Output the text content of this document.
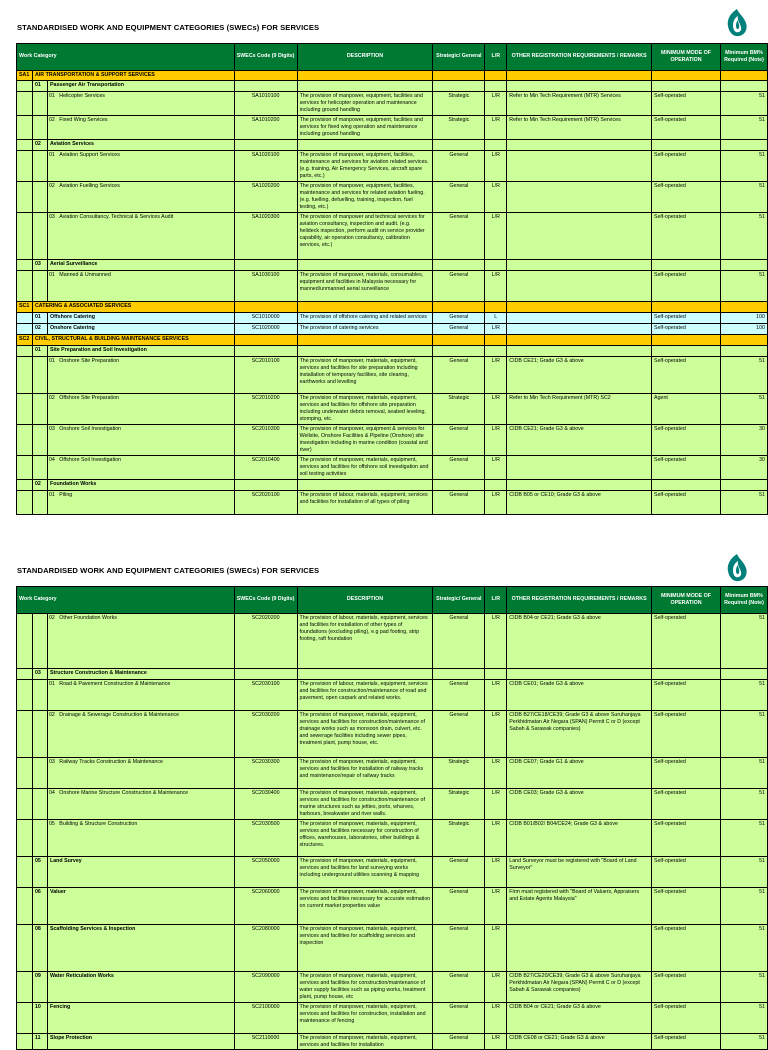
STANDARDISED WORK AND EQUIPMENT CATEGORIES (SWECs) FOR SERVICES
Work Category			SWECs Code (9 Digits)	DESCRIPTION	Strategic/ General	L/R	OTHER REGISTRATION REQUIREMENTS / REMARKS	MINIMUM MODE OF OPERATION	Minimum BM% Required (Note)
SA1	AIR TRANSPORTATION & SUPPORT SERVICES								
	01	Passenger Air Transportation							
		01 Helicopter Services	SA1010100	The provision of manpower, equipment, facilities and services for helicopter operation and maintenance including ground handling	Strategic	L/R	Refer to Min Tech Requirement (MTR) Services	Self-operated	51
		02 Fixed Wing Services	SA1010200	The provision of manpower, equipment, facilities and services for fixed wing operation and maintenance including ground handling	Strategic	L/R	Refer to Min Tech Requirement (MTR) Services	Self-operated	51
	02	Aviation Services							
		01 Aviation Support Services	SA1020100	The provision of manpower, equipment, facilities, maintenance and services for aviation related services. (e.g. training, Air Emergency Services, aircraft spare parts, etc.)	General	L/R		Self-operated	51
		02 Aviation Fuelling Services	SA1020200	The provision of manpower, equipment, facilities, maintenance and services for related aviation fueling. (e.g. fuelling, defuelling, training, inspection, fuel testing, etc.)	General	L/R		Self-operated	51
		03 Aviation Consultancy, Technical & Services Audit	SA1020300	The provision of manpower and technical services for aviation consultancy, inspection and audit. (e.g. helideck inspection, perform audit on service provider capability, air operation consultancy, calibration services, etc.)	General	L/R		Self-operated	51
	03	Aerial Surveillance							
		01 Manned & Unmanned	SA1030100	The provision of manpower, materials, consumables, equipment and facilities in Malaysia necessary for manned/unmanned aerial surveillance	General	L/R		Self-operated	51
SC1	CATERING & ASSOCIATED SERVICES								
	01	Offshore Catering	SC1010000	The provision of offshore catering and related services	General	L		Self-operated	100
	02	Onshore Catering	SC1020000	The provision of catering services	General	L/R		Self-operated	100
SC2	CIVIL, STRUCTURAL & BUILDING MAINTENANCE SERVICES								
	01	Site Preparation and Soil Investigation							
		01 Onshore Site Preparation	SC2010100	The provision of manpower, materials, equipment, services and facilities for site preparation including installation of temporary facilities, site clearing, earthworks and levelling	General	L/R	CIDB CE21; Grade G3 & above	Self-operated	51
		02 Offshore Site Preparation	SC2010200	The provision of manpower, materials, equipment, services and facilities for offshore site preparation including underwater debris removal, seabed leveling, stomping, etc.	Strategic	L/R	Refer to Min Tech Requirement (MTR) SC2	Agent	51
		03 Onshore Soil Investigation	SC2010300	The provision of manpower, equipment & services for Wellsite, Onshore Facilities & Pipeline (Onshore) site investigation including in marine condition (coastal and river)	General	L/R	CIDB CE21; Grade G3 & above	Self-operated	30
		04 Offshore Soil Investigation	SC2010400	The provision of manpower, materials, equipment, services and facilities for offshore soil investigation and soil testing activities	General	L/R		Self-operated	30
	02	Foundation Works							
		01 Piling	SC2020100	The provision of labour, materials, equipment, services and facilities for installation of all types of piling	General	L/R	CIDB B05 or CE10; Grade G3 & above	Self-operated	51
STANDARDISED WORK AND EQUIPMENT CATEGORIES (SWECs) FOR SERVICES
Work Category			SWECs Code (9 Digits)	DESCRIPTION	Strategic/ General	L/R	OTHER REGISTRATION REQUIREMENTS / REMARKS	MINIMUM MODE OF OPERATION	Minimum BM% Required (Note)
		02 Other Foundation Works	SC2020200	The provision of labour, materials, equipment, services and facilities for installation of other types of foundations (excluding piling), e.g pad footing, strip footing, raft foundation	General	L/R	CIDB B04 or CE21; Grade G3 & above	Self-operated	51
	03	Structure Construction & Maintenance							
		01 Road & Pavement Construction & Maintenance	SC2030100	The provision of labour, materials, equipment, services and facilities for construction/maintenance of road and pavement, open carpark and related works.	General	L/R	CIDB CE01; Grade G3 & above	Self-operated	51
		02 Drainage & Sewerage Construction & Maintenance	SC2030200	The provision of manpower, materials, equipment, services and facilities for construction/maintenance of drainage works such as monsoon drain, culvert, etc. and sewerage facilities including sewer pipes, treatment plant, pump house, etc.	General	L/R	CIDB B27/CE18/CE39; Grade G3 & above Suruhanjaya Perkhidmatan Air Negara (SPAN) Permit C or D (except Sabah & Sarawak companies)	Self-operated	51
		03 Railway Tracks Construction & Maintenance	SC2030300	The provision of manpower, materials, equipment, services and facilities for installation of railway tracks and maintenance/repair of railway tracks	Strategic	L/R	CIDB CE07; Grade G1 & above	Self-operated	51
		04 Onshore Marine Structure Construction & Maintenance	SC2030400	The provision of manpower, materials, equipment, services and facilities for construction/maintenance of marine structures such as jetties, ports, wharves, harbours, breakwater and river walls.	Strategic	L/R	CIDB CE03; Grade G3 & above	Self-operated	51
		05 Building & Structure Construction	SC2030500	The provision of manpower, materials, equipment, services and facilities necessary for construction of offices, warehouses, laboratories, other buildings & structures.	Strategic	L/R	CIDB B01/B02/ B04/CE24; Grade G3 & above	Self-operated	51
	05	Land Survey	SC2050000	The provision of manpower, materials, equipment, services and facilities for land surveying works including underground utilities scanning & mapping	General	L/R	Land Surveyor must be registered with "Board of Land Surveyor"	Self-operated	51
	06	Valuer	SC2060000	The provision of manpower, materials, equipment, services and facilities necessary for accurate estimation on current market properties value	General	L/R	Firm must registered with "Board of Valuers, Appraisers and Estate Agents Malaysia"	Self-operated	51
	08	Scaffolding Services & Inspection	SC2080000	The provision of manpower, materials, equipment, services and facilities for scaffolding services and inspection	General	L/R		Self-operated	51
	09	Water Reticulation Works	SC2090000	The provision of manpower, materials, equipment, services and facilities for construction/maintenance of water supply facilities such as piping works, treatment plant, pump house, etc	General	L/R	CIDB B27/CE20/CE39; Grade G3 & above Suruhanjaya Perkhidmatan Air Negara (SPAN) Permit C or D (except Sabah & Sarawak companies)	Self-operated	51
	10	Fencing	SC2100000	The provision of manpower, materials, equipment, services and facilities for construction, installation and maintenance of fencing	General	L/R	CIDB B04 or CE21; Grade G3 & above	Self-operated	51
	11	Slope Protection	SC2110000	The provision of manpower, materials, equipment, services and facilities for installation	General	L/R	CIDB CE08 or CE21; Grade G3 & above	Self-operated	51
